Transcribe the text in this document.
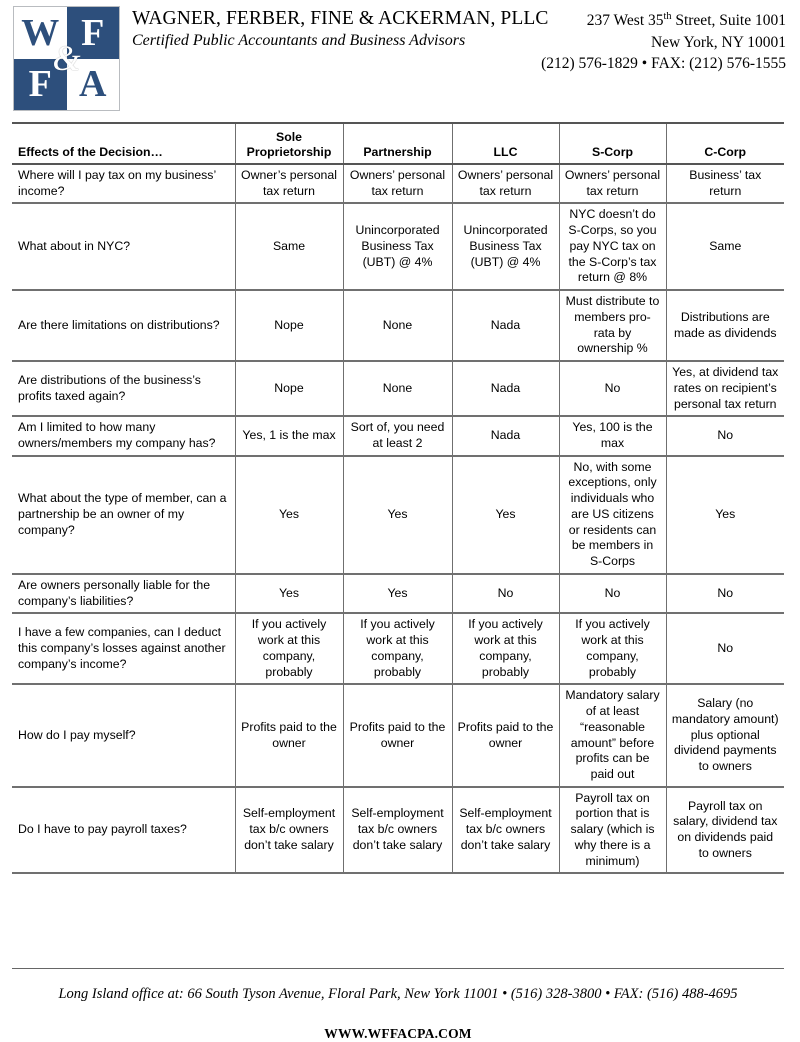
W F
F A
&
WAGNER, FERBER, FINE & ACKERMAN, PLLC
Certified Public Accountants and Business Advisors
237 West 35th Street, Suite 1001
New York, NY 10001
(212) 576-1829 • FAX: (212) 576-1555
Effects of the Decision…	Sole Proprietorship	Partnership	LLC	S-Corp	C-Corp
Where will I pay tax on my business’ income?	Owner’s personal tax return	Owners’ personal tax return	Owners’ personal tax return	Owners’ personal tax return	Business’ tax return
What about in NYC?	Same	Unincorporated Business Tax (UBT) @ 4%	Unincorporated Business Tax (UBT) @ 4%	NYC doesn’t do S-Corps, so you pay NYC tax on the S-Corp’s tax return @ 8%	Same
Are there limitations on distributions?	Nope	None	Nada	Must distribute to members pro-rata by ownership %	Distributions are made as dividends
Are distributions of the business’s profits taxed again?	Nope	None	Nada	No	Yes, at dividend tax rates on recipient’s personal tax return
Am I limited to how many owners/members my company has?	Yes, 1 is the max	Sort of, you need at least 2	Nada	Yes, 100 is the max	No
What about the type of member, can a partnership be an owner of my company?	Yes	Yes	Yes	No, with some exceptions, only individuals who are US citizens or residents can be members in S-Corps	Yes
Are owners personally liable for the company’s liabilities?	Yes	Yes	No	No	No
I have a few companies, can I deduct this company’s losses against another company’s income?	If you actively work at this company, probably	If you actively work at this company, probably	If you actively work at this company, probably	If you actively work at this company, probably	No
How do I pay myself?	Profits paid to the owner	Profits paid to the owner	Profits paid to the owner	Mandatory salary of at least “reasonable amount” before profits can be paid out	Salary (no mandatory amount) plus optional dividend payments to owners
Do I have to pay payroll taxes?	Self-employment tax b/c owners don’t take salary	Self-employment tax b/c owners don’t take salary	Self-employment tax b/c owners don’t take salary	Payroll tax on portion that is salary (which is why there is a minimum)	Payroll tax on salary, dividend tax on dividends paid to owners
Long Island office at: 66 South Tyson Avenue, Floral Park, New York 11001 • (516) 328-3800 • FAX: (516) 488-4695
WWW.WFFACPA.COM
